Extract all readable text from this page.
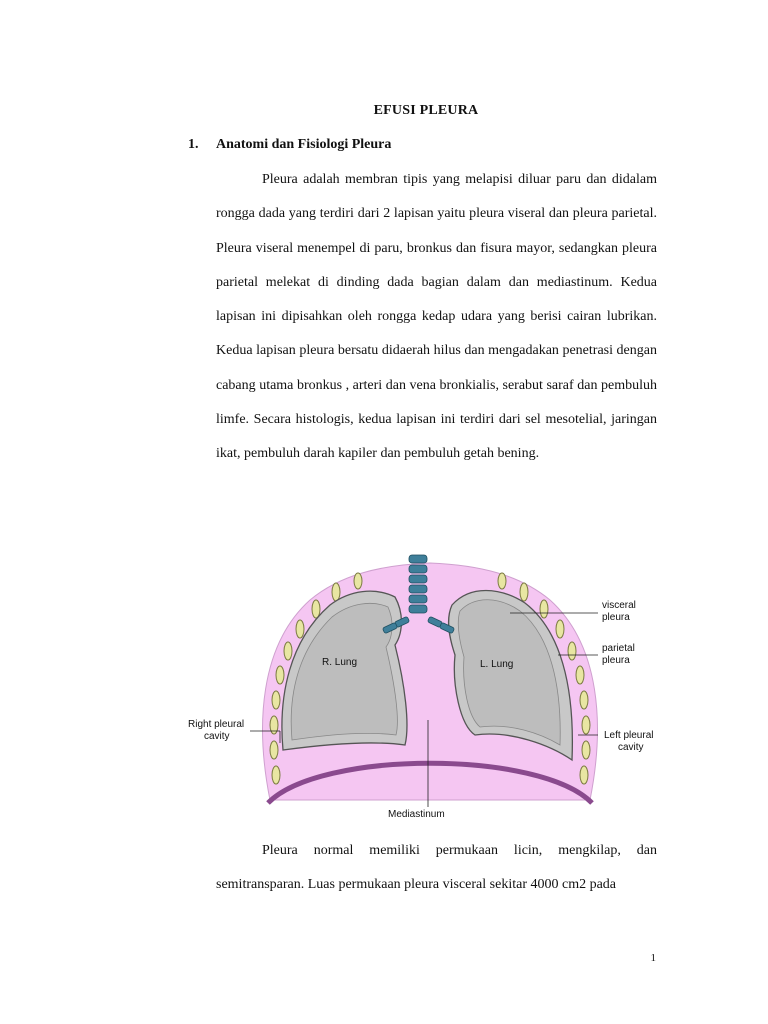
EFUSI PLEURA
1. Anatomi dan Fisiologi Pleura

Pleura adalah membran tipis yang melapisi diluar paru dan didalam rongga dada yang terdiri dari 2 lapisan yaitu pleura viseral dan pleura parietal. Pleura viseral menempel di paru, bronkus dan fisura mayor, sedangkan pleura parietal melekat di dinding dada bagian dalam dan mediastinum. Kedua lapisan ini dipisahkan oleh rongga kedap udara yang berisi cairan lubrikan. Kedua lapisan pleura bersatu didaerah hilus dan mengadakan penetrasi dengan cabang utama bronkus , arteri dan vena bronkialis, serabut saraf dan pembuluh limfe. Secara histologis, kedua lapisan ini terdiri dari sel mesotelial, jaringan ikat, pembuluh darah kapiler dan pembuluh getah bening.

R. Lung	L. Lung
visceral
pleura
parietal
pleura
Right pleural
cavity	Left pleural
cavity
Mediastinum

Pleura normal memiliki permukaan licin, mengkilap, dan semitransparan. Luas permukaan pleura visceral sekitar 4000 cm2 pada

1
